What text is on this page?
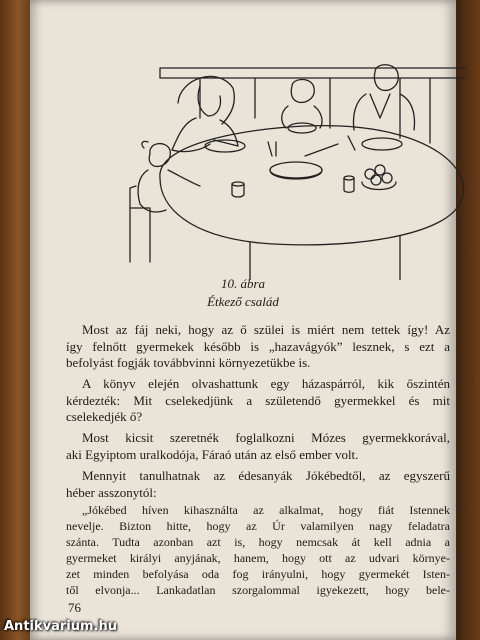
10. ábra
Étkező család
Most az fáj neki, hogy az ő szülei is miért nem tettek így! Az
így felnőtt gyermekek később is „hazavágyók” lesznek, s ezt a
befolyást fogják továbbvinni környezetükbe is.
A könyv elején olvashattunk egy házaspárról, kik őszintén
kérdezték: Mit cselekedjünk a születendő gyermekkel és mit
cselekedjék ő?
Most kicsit szeretnék foglalkozni Mózes gyermekkorával,
aki Egyiptom uralkodója, Fáraó után az első ember volt.
Mennyit tanulhatnak az édesanyák Jókébedtől, az egyszerű
héber asszonytól:
„Jókébed híven kihasználta az alkalmat, hogy fiát Istennek
nevelje. Bizton hitte, hogy az Úr valamilyen nagy feladatra
szánta. Tudta azonban azt is, hogy nemcsak át kell adnia a
gyermeket királyi anyjának, hanem, hogy ott az udvari környe-
zet minden befolyása oda fog irányulni, hogy gyermekét Isten-
től elvonja... Lankadatlan szorgalommal igyekezett, hogy bele-
76
Antikvarium.hu
